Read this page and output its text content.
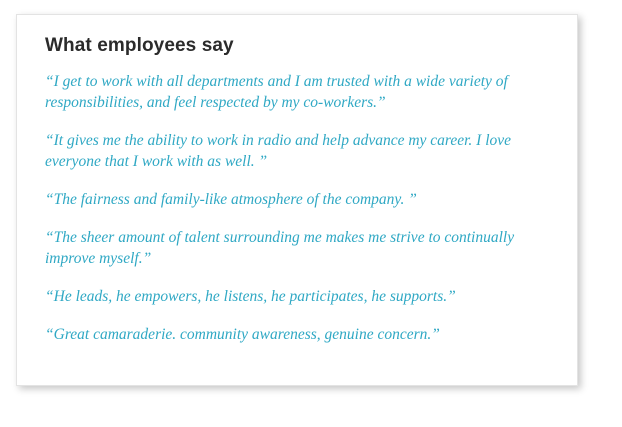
What employees say

“I get to work with all departments and I am trusted with a wide variety of responsibilities, and feel respected by my co-workers.”

“It gives me the ability to work in radio and help advance my career. I love everyone that I work with as well. ”

“The fairness and family-like atmosphere of the company. ”

“The sheer amount of talent surrounding me makes me strive to continually improve myself.”

“He leads, he empowers, he listens, he participates, he supports.”

“Great camaraderie. community awareness, genuine concern.”
